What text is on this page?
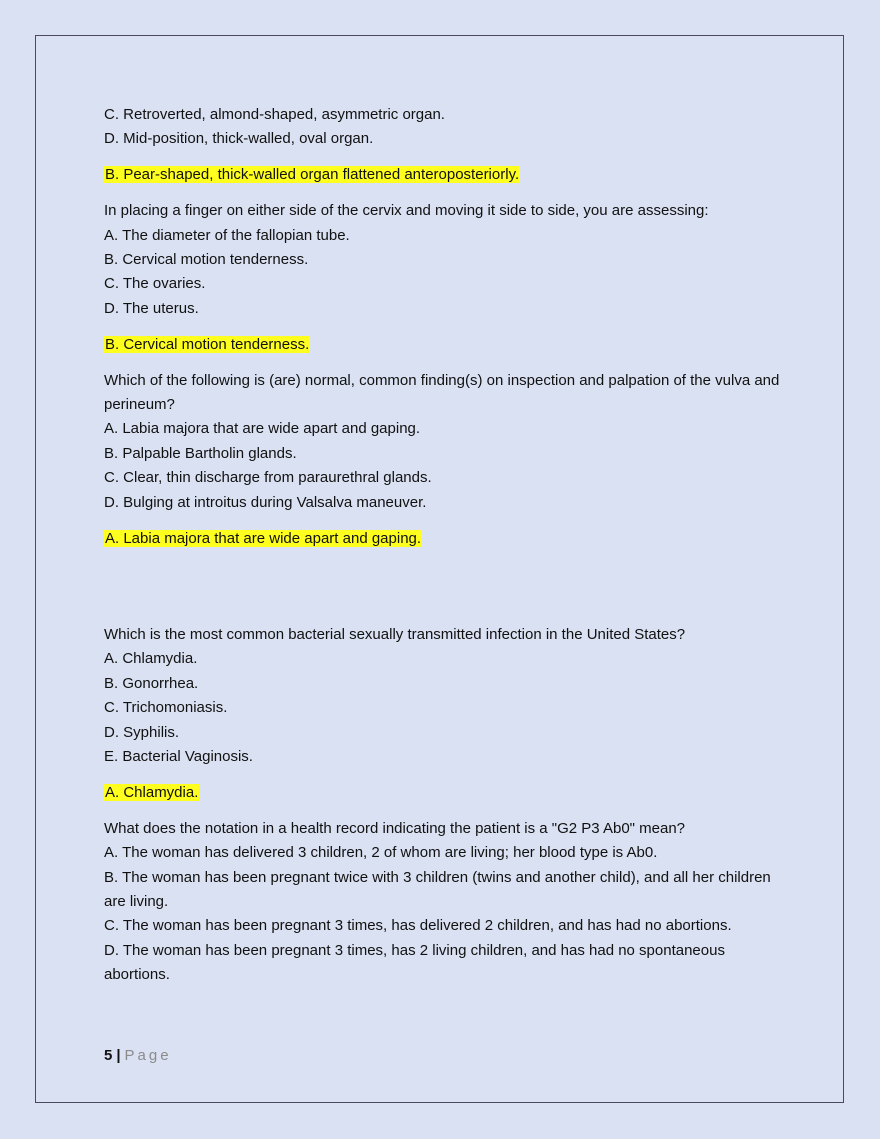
C. Retroverted, almond-shaped, asymmetric organ.
D. Mid-position, thick-walled, oval organ.
B. Pear-shaped, thick-walled organ flattened anteroposteriorly.
In placing a finger on either side of the cervix and moving it side to side, you are assessing:
A. The diameter of the fallopian tube.
B. Cervical motion tenderness.
C. The ovaries.
D. The uterus.
B. Cervical motion tenderness.
Which of the following is (are) normal, common finding(s) on inspection and palpation of the vulva and perineum?
A. Labia majora that are wide apart and gaping.
B. Palpable Bartholin glands.
C. Clear, thin discharge from paraurethral glands.
D. Bulging at introitus during Valsalva maneuver.
A. Labia majora that are wide apart and gaping.
Which is the most common bacterial sexually transmitted infection in the United States?
A. Chlamydia.
B. Gonorrhea.
C. Trichomoniasis.
D. Syphilis.
E. Bacterial Vaginosis.
A. Chlamydia.
What does the notation in a health record indicating the patient is a "G2 P3 Ab0" mean?
A. The woman has delivered 3 children, 2 of whom are living; her blood type is Ab0.
B. The woman has been pregnant twice with 3 children (twins and another child), and all her children are living.
C. The woman has been pregnant 3 times, has delivered 2 children, and has had no abortions.
D. The woman has been pregnant 3 times, has 2 living children, and has had no spontaneous abortions.
5 | Page
